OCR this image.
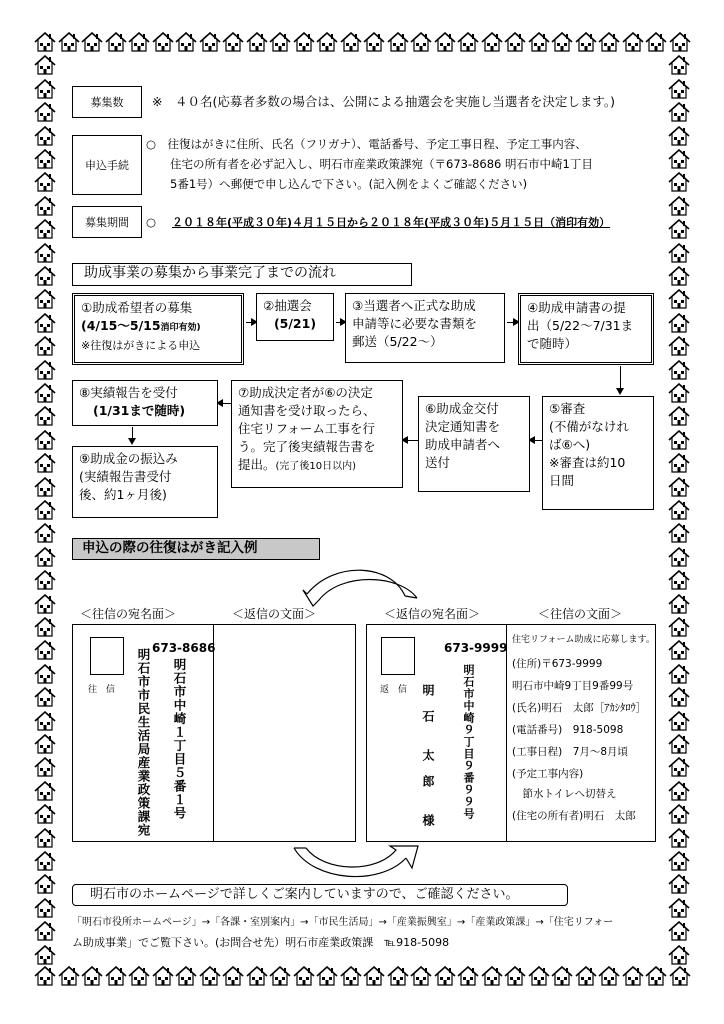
募集数	※　４０名(応募者多数の場合は、公開による抽選会を実施し当選者を決定します。)
申込手続
○　往復はがきに住所、氏名（フリガナ）、電話番号、予定工事日程、予定工事内容、
住宅の所有者を必ず記入し、明石市産業政策課宛（〒673-8686 明石市中崎1丁目
5番1号）へ郵便で申し込んで下さい。(記入例をよくご確認ください)
募集期間	○ ２０１８年(平成３０年)４月１５日から２０１８年(平成３０年)５月１５日（消印有効）
助成事業の募集から事業完了までの流れ
①助成希望者の募集
(4/15～5/15消印有効)
※往復はがきによる申込
②抽選会
(5/21)
③当選者へ正式な助成
申請等に必要な書類を
郵送（5/22～）
④助成申請書の提
出（5/22～7/31ま
で随時）
⑤審査
(不備がなけれ
ば⑥へ)
※審査は約10
日間
⑥助成金交付
決定通知書を
助成申請者へ
送付
⑦助成決定者が⑥の決定
通知書を受け取ったら、
住宅リフォーム工事を行
う。完了後実績報告書を
提出。(完了後10日以内)
⑧実績報告を受付
(1/31まで随時)
⑨助成金の振込み
(実績報告書受付
後、約1ヶ月後)
申込の際の往復はがき記入例
＜往信の宛名面＞	＜返信の文面＞	＜返信の宛名面＞	＜往信の文面＞
往　信
673-8686
明石市中崎１丁目５番１号
明石市市民生活局産業政策課宛	返　信
673-9999
明石市中崎９丁目９番９９号
明　石　　太　郎　　様
住宅リフォーム助成に応募します。
(住所)〒673-9999
明石市中崎9丁目9番99号
(氏名)明石　太郎［ｱｶｼﾀﾛｳ］
(電話番号)　918-5098
(工事日程)　7月～8月頃
(予定工事内容)
　節水トイレへ切替え
(住宅の所有者)明石　太郎
明石市のホームページで詳しくご案内していますので、ご確認ください。
「明石市役所ホームページ」→「各課・室別案内」→「市民生活局」→「産業振興室」→「産業政策課」→「住宅リフォー
ム助成事業」でご覧下さい。(お問合せ先）明石市産業政策課　℡918-5098
